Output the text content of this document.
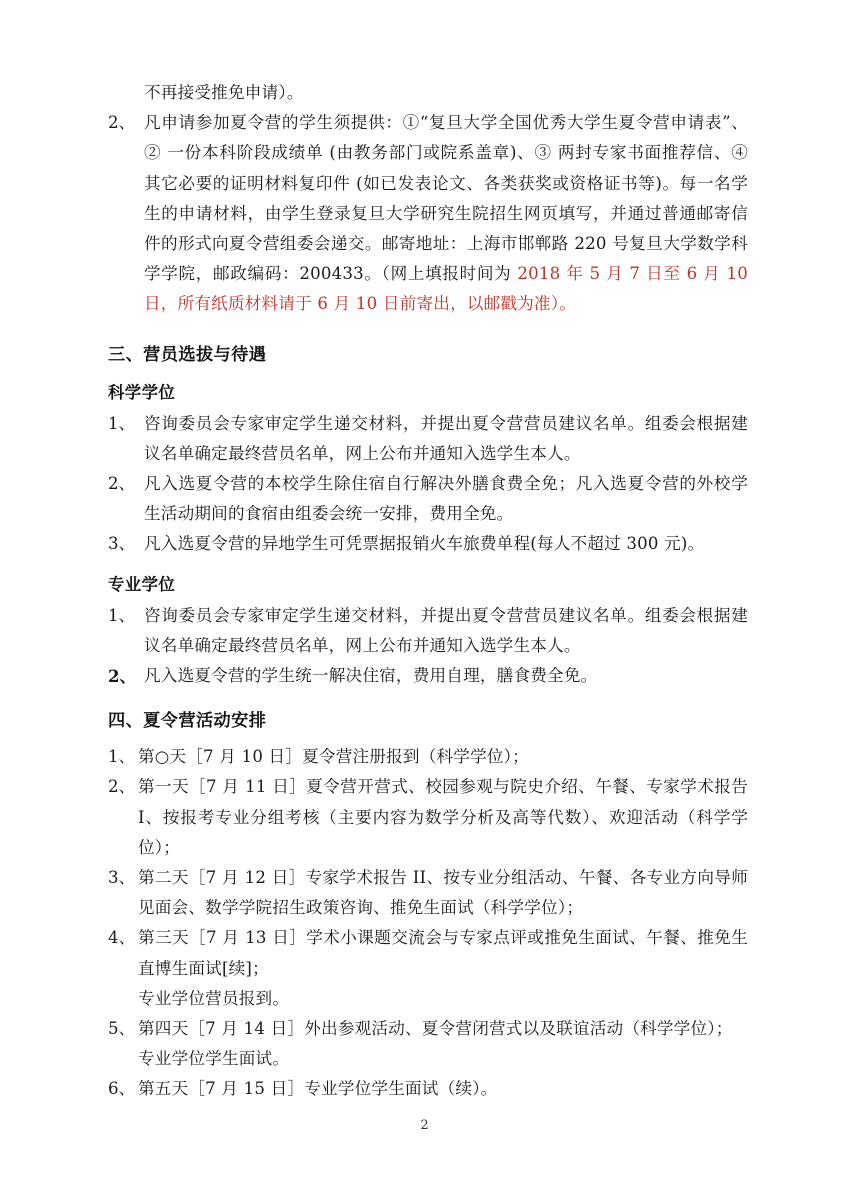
不再接受推免申请）。
2、 凡申请参加夏令营的学生须提供：①“复旦大学全国优秀大学生夏令营申请表”、② 一份本科阶段成绩单 (由教务部门或院系盖章)、③ 两封专家书面推荐信、④ 其它必要的证明材料复印件 (如已发表论文、各类获奖或资格证书等)。每一名学生的申请材料，由学生登录复旦大学研究生院招生网页填写，并通过普通邮寄信件的形式向夏令营组委会递交。邮寄地址：上海市邯郸路 220 号复旦大学数学科学学院，邮政编码：200433。（网上填报时间为 2018 年 5 月 7 日至 6 月 10 日，所有纸质材料请于 6 月 10 日前寄出，以邮戳为准）。
三、营员选拔与待遇
科学学位
1、 咨询委员会专家审定学生递交材料，并提出夏令营营员建议名单。组委会根据建议名单确定最终营员名单，网上公布并通知入选学生本人。
2、 凡入选夏令营的本校学生除住宿自行解决外膳食费全免；凡入选夏令营的外校学生活动期间的食宿由组委会统一安排，费用全免。
3、 凡入选夏令营的异地学生可凭票据报销火车旅费单程(每人不超过 300 元)。
专业学位
1、 咨询委员会专家审定学生递交材料，并提出夏令营营员建议名单。组委会根据建议名单确定最终营员名单，网上公布并通知入选学生本人。
2、 凡入选夏令营的学生统一解决住宿，费用自理，膳食费全免。
四、夏令营活动安排
1、 第○天［7 月 10 日］夏令营注册报到（科学学位）；
2、 第一天［7 月 11 日］夏令营开营式、校园参观与院史介绍、午餐、专家学术报告 I、按报考专业分组考核（主要内容为数学分析及高等代数）、欢迎活动（科学学位）；
3、 第二天［7 月 12 日］专家学术报告 II、按专业分组活动、午餐、各专业方向导师见面会、数学学院招生政策咨询、推免生面试（科学学位）；
4、 第三天［7 月 13 日］学术小课题交流会与专家点评或推免生面试、午餐、推免生直博生面试[续]；
专业学位营员报到。
5、 第四天［7 月 14 日］外出参观活动、夏令营闭营式以及联谊活动（科学学位）；
专业学位学生面试。
6、 第五天［7 月 15 日］专业学位学生面试（续）。
2
